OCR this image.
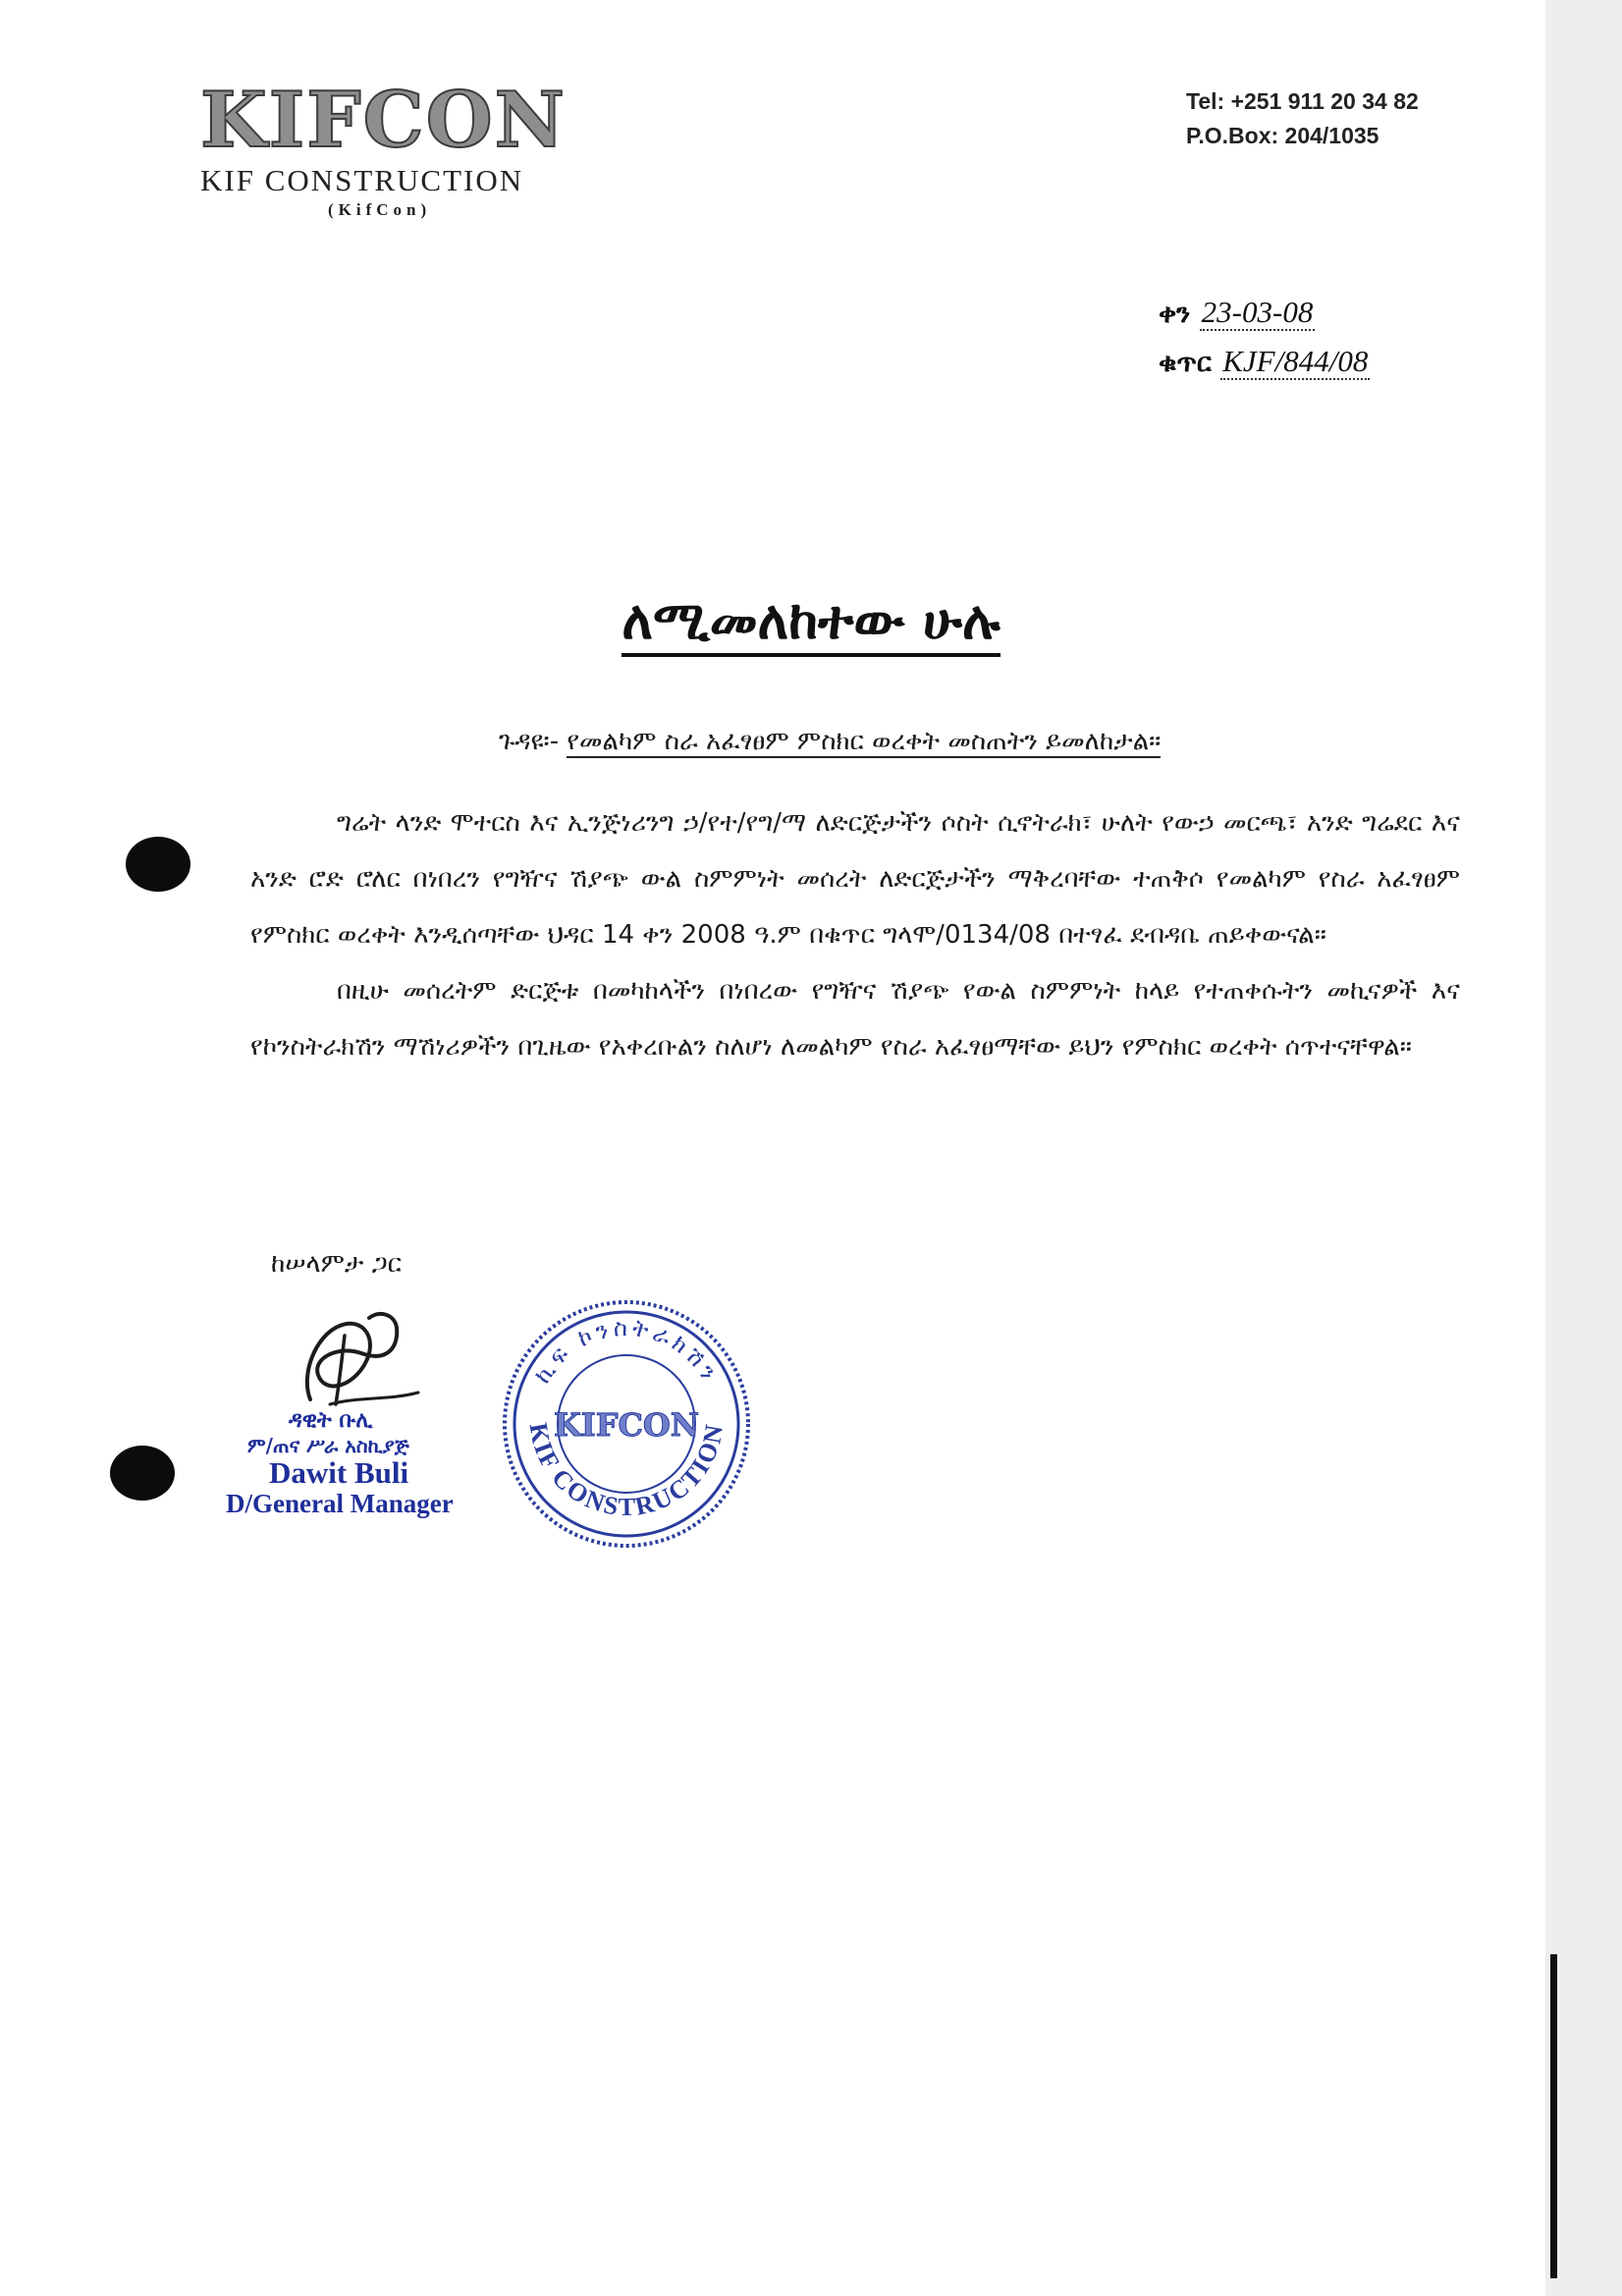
KIFCON
KIF CONSTRUCTION
(KifCon)
Tel: +251 911 20 34 82
P.O.Box: 204/1035
ቀን 23-03-08
ቁጥር KJF/844/08
ለሚመለከተው ሁሉ
ጉዳዩ፡- የመልካም ስራ አፈፃፀም ምስክር ወረቀት መስጠትን ይመለከታል።

ግሬት ላንድ ሞተርስ እና ኢንጅነሪንግ ኃ/የተ/የግ/ማ ለድርጅታችን ሶስት ሲኖትራክ፣ ሁለት የውኃ መርጫ፣ አንድ ግሬደር እና አንድ ሮድ ሮለር በነበረን የግዥና ሽያጭ ውል ስምምነት መሰረት ለድርጅታችን ማቅረባቸው ተጠቅሶ የመልካም የስራ አፈፃፀም የምስክር ወረቀት እንዲሰጣቸው ህዳር 14 ቀን 2008 ዓ.ም በቁጥር ግላሞ/0134/08 በተፃፈ ደብዳቤ ጠይቀውናል።

በዚሁ መሰረትም ድርጅቱ በመካከላችን በነበረው የግዥና ሽያጭ የውል ስምምነት ከላይ የተጠቀሱትን መኪናዎች እና የኮንስትራክሽን ማሽነሪዎችን በጊዜው የአቀረቡልን ስለሆነ ለመልካም የስራ አፈፃፀማቸው ይህን የምስክር ወረቀት ሰጥተናቸዋል።

ከሠላምታ ጋር
ዳዊት ቡሊ
ም/ጠና ሥራ አስኪያጅ
Dawit Buli
D/General Manager
ኪፍ ኮንስትራክሽን
KIF CONSTRUCTION
KIFCON
